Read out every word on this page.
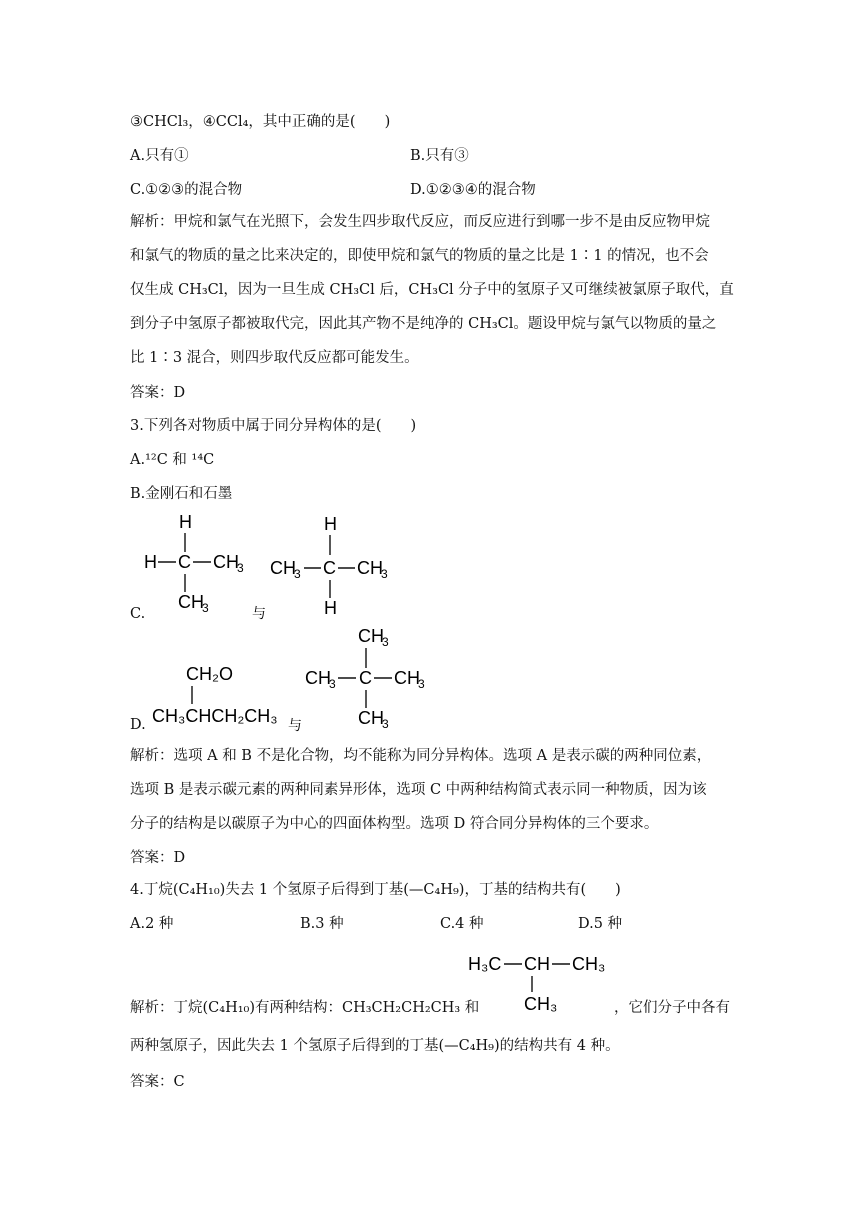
③CHCl₃，④CCl₄，其中正确的是(　　)
A.只有①	B.只有③
C.①②③的混合物	D.①②③④的混合物
解析：甲烷和氯气在光照下，会发生四步取代反应，而反应进行到哪一步不是由反应物甲烷
和氯气的物质的量之比来决定的，即使甲烷和氯气的物质的量之比是 1∶1 的情况，也不会
仅生成 CH₃Cl，因为一旦生成 CH₃Cl 后，CH₃Cl 分子中的氢原子又可继续被氯原子取代，直
到分子中氢原子都被取代完，因此其产物不是纯净的 CH₃Cl。题设甲烷与氯气以物质的量之
比 1∶3 混合，则四步取代反应都可能发生。
答案：D
3.下列各对物质中属于同分异构体的是(　　)
A.¹²C 和 ¹⁴C
B.金刚石和石墨
C.
H
H C CH
3
CH
3	与
H
CH
3 C CH
3
H
D.
CH₂O
CH₃CHCH₂CH₃ 与
CH
3
CH
3 C CH
3
CH
3
解析：选项 A 和 B 不是化合物，均不能称为同分异构体。选项 A 是表示碳的两种同位素，
选项 B 是表示碳元素的两种同素异形体，选项 C 中两种结构简式表示同一种物质，因为该
分子的结构是以碳原子为中心的四面体构型。选项 D 符合同分异构体的三个要求。
答案：D
4.丁烷(C₄H₁₀)失去 1 个氢原子后得到丁基(—C₄H₉)，丁基的结构共有(　　)
A.2 种	B.3 种	C.4 种	D.5 种
H₃C CH CH₃
CH₃
解析：丁烷(C₄H₁₀)有两种结构：CH₃CH₂CH₂CH₃ 和	，它们分子中各有
两种氢原子，因此失去 1 个氢原子后得到的丁基(—C₄H₉)的结构共有 4 种。
答案：C
